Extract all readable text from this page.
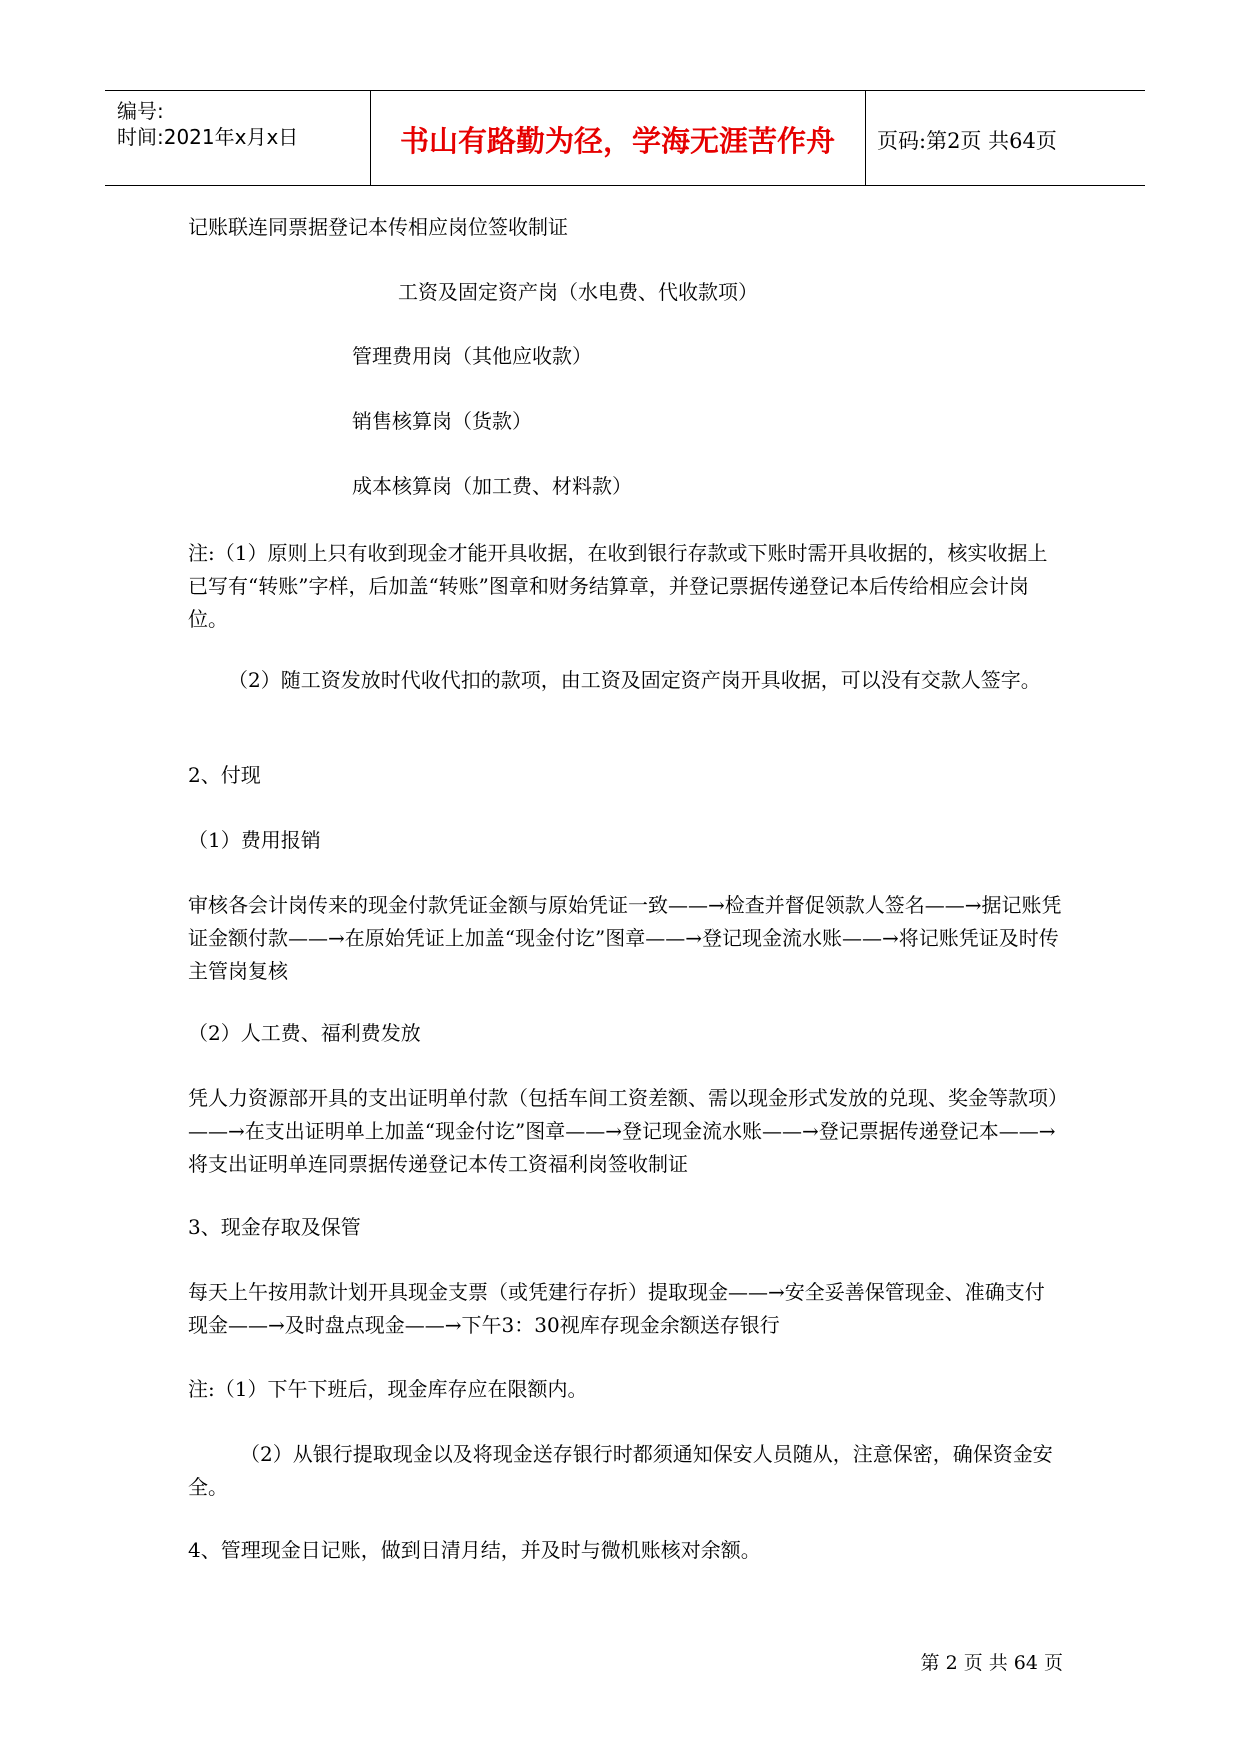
编号:
时间:2021年x月x日	书山有路勤为径，学海无涯苦作舟	页码:第2页 共64页
记账联连同票据登记本传相应岗位签收制证
工资及固定资产岗（水电费、代收款项）
管理费用岗（其他应收款）
销售核算岗（货款）
成本核算岗（加工费、材料款）
注:（1）原则上只有收到现金才能开具收据，在收到银行存款或下账时需开具收据的，核实收据上已写有“转账”字样，后加盖“转账”图章和财务结算章，并登记票据传递登记本后传给相应会计岗位。
（2）随工资发放时代收代扣的款项，由工资及固定资产岗开具收据，可以没有交款人签字。
2、付现
（1）费用报销
审核各会计岗传来的现金付款凭证金额与原始凭证一致——→检查并督促领款人签名——→据记账凭证金额付款——→在原始凭证上加盖“现金付讫”图章——→登记现金流水账——→将记账凭证及时传主管岗复核
（2）人工费、福利费发放
凭人力资源部开具的支出证明单付款（包括车间工资差额、需以现金形式发放的兑现、奖金等款项）——→在支出证明单上加盖“现金付讫”图章——→登记现金流水账——→登记票据传递登记本——→将支出证明单连同票据传递登记本传工资福利岗签收制证
3、现金存取及保管
每天上午按用款计划开具现金支票（或凭建行存折）提取现金——→安全妥善保管现金、准确支付现金——→及时盘点现金——→下午3：30视库存现金余额送存银行
注:（1）下午下班后，现金库存应在限额内。
（2）从银行提取现金以及将现金送存银行时都须通知保安人员随从，注意保密，确保资金安全。
4、管理现金日记账，做到日清月结，并及时与微机账核对余额。
第 2 页 共 64 页
